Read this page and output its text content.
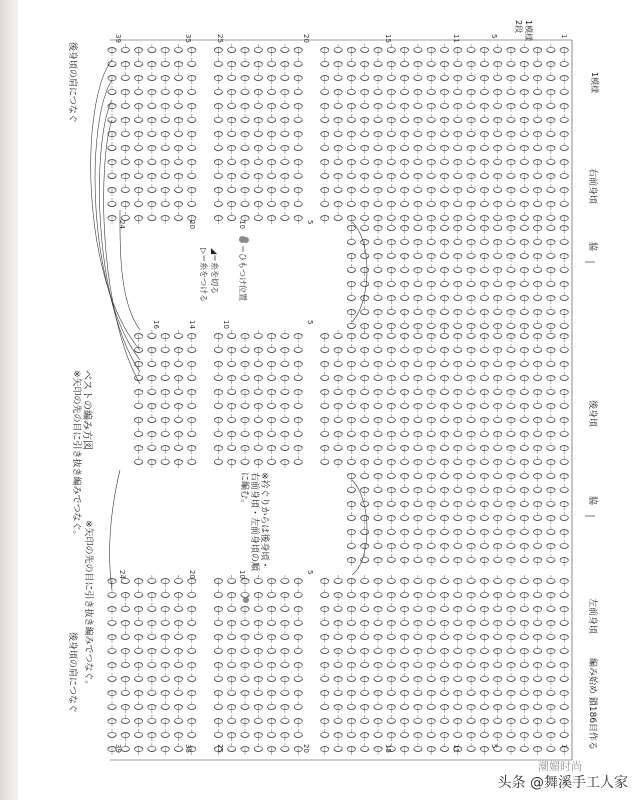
後身頃の肩につなぐ
後身頃の肩につなぐ
ベストの編み方図
※矢印の先の目に引き抜き編みでつなぐ。
※矢印の先の目に引き抜き編みでつなぐ。	※衿ぐりからは後身頃・
右前身頃・左前身頃の順
に編む。
◢＝糸を切る
▷＝糸をつける	＝ひもつけ位置
右前身頃
脇
後身頃
脇
左前身頃
編み始め 鎖186目作る
2段 1模様
1模様
39	35	25	20	15	11	5	1
39	35	25	20	15	11	5	1
24	20	10	5
16	14	10	5
24	20	10	5
潮媚时尚
头条 @舞溪手工人家
